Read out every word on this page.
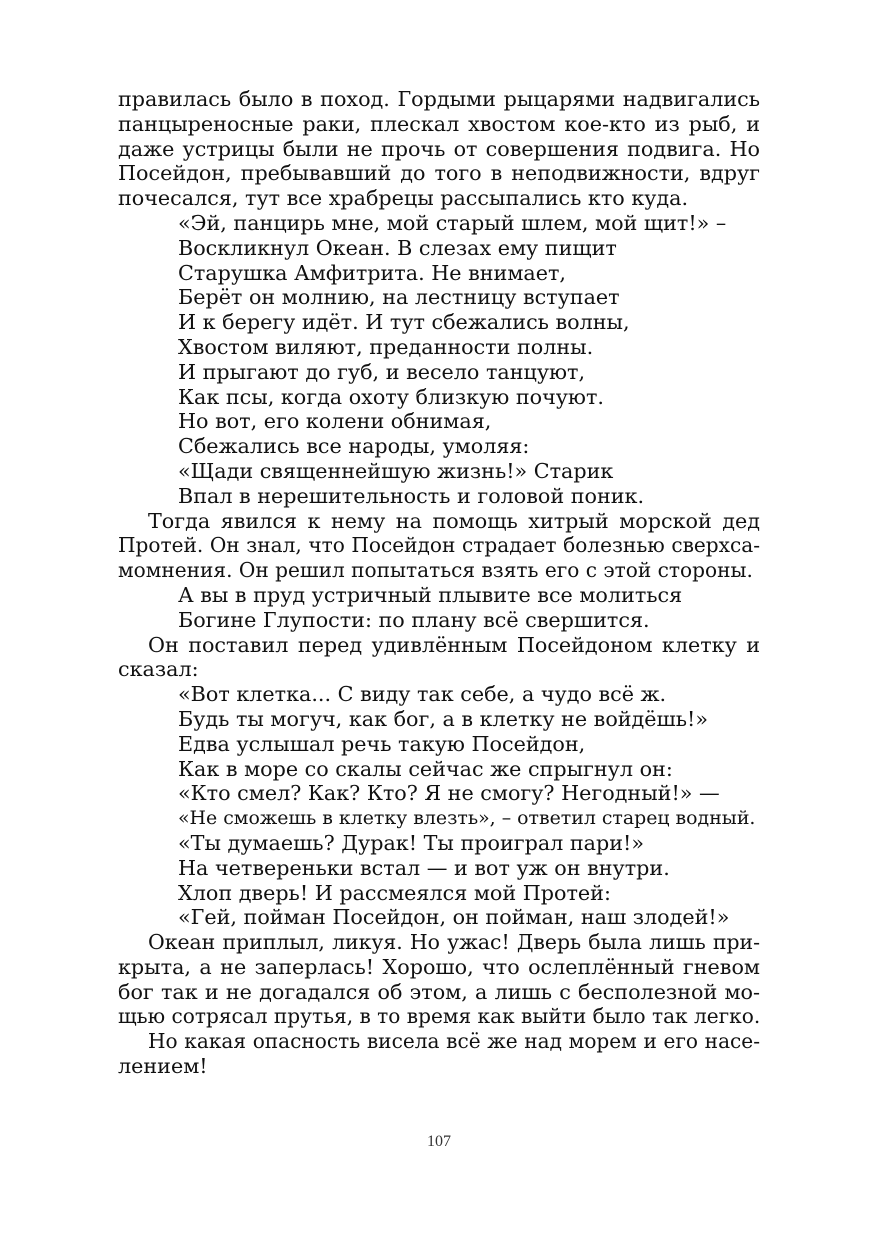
правилась было в поход. Гордыми рыцарями надвигались
панцыреносные раки, плескал хвостом кое-кто из рыб, и
даже устрицы были не прочь от совершения подвига. Но
Посейдон, пребывавший до того в неподвижности, вдруг
почесался, тут все храбрецы рассыпались кто куда.
«Эй, панцирь мне, мой старый шлем, мой щит!» –
Воскликнул Океан. В слезах ему пищит
Старушка Амфитрита. Не внимает,
Берёт он молнию, на лестницу вступает
И к берегу идёт. И тут сбежались волны,
Хвостом виляют, преданности полны.
И прыгают до губ, и весело танцуют,
Как псы, когда охоту близкую почуют.
Но вот, его колени обнимая,
Сбежались все народы, умоляя:
«Щади священнейшую жизнь!» Старик
Впал в нерешительность и головой поник.
Тогда явился к нему на помощь хитрый морской дед
Протей. Он знал, что Посейдон страдает болезнью сверхса-
момнения. Он решил попытаться взять его с этой стороны.
А вы в пруд устричный плывите все молиться
Богине Глупости: по плану всё свершится.
Он поставил перед удивлённым Посейдоном клетку и
сказал:
«Вот клетка... С виду так себе, а чудо всё ж.
Будь ты могуч, как бог, а в клетку не войдёшь!»
Едва услышал речь такую Посейдон,
Как в море со скалы сейчас же спрыгнул он:
«Кто смел? Как? Кто? Я не смогу? Негодный!» —
«Не сможешь в клетку влезть», – ответил старец водный.
«Ты думаешь? Дурак! Ты проиграл пари!»
На четвереньки встал — и вот уж он внутри.
Хлоп дверь! И рассмеялся мой Протей:
«Гей, пойман Посейдон, он пойман, наш злодей!»
Океан приплыл, ликуя. Но ужас! Дверь была лишь при-
крыта, а не заперлась! Хорошо, что ослеплённый гневом
бог так и не догадался об этом, а лишь с бесполезной мо-
щью сотрясал прутья, в то время как выйти было так легко.
Но какая опасность висела всё же над морем и его насе-
лением!
107
